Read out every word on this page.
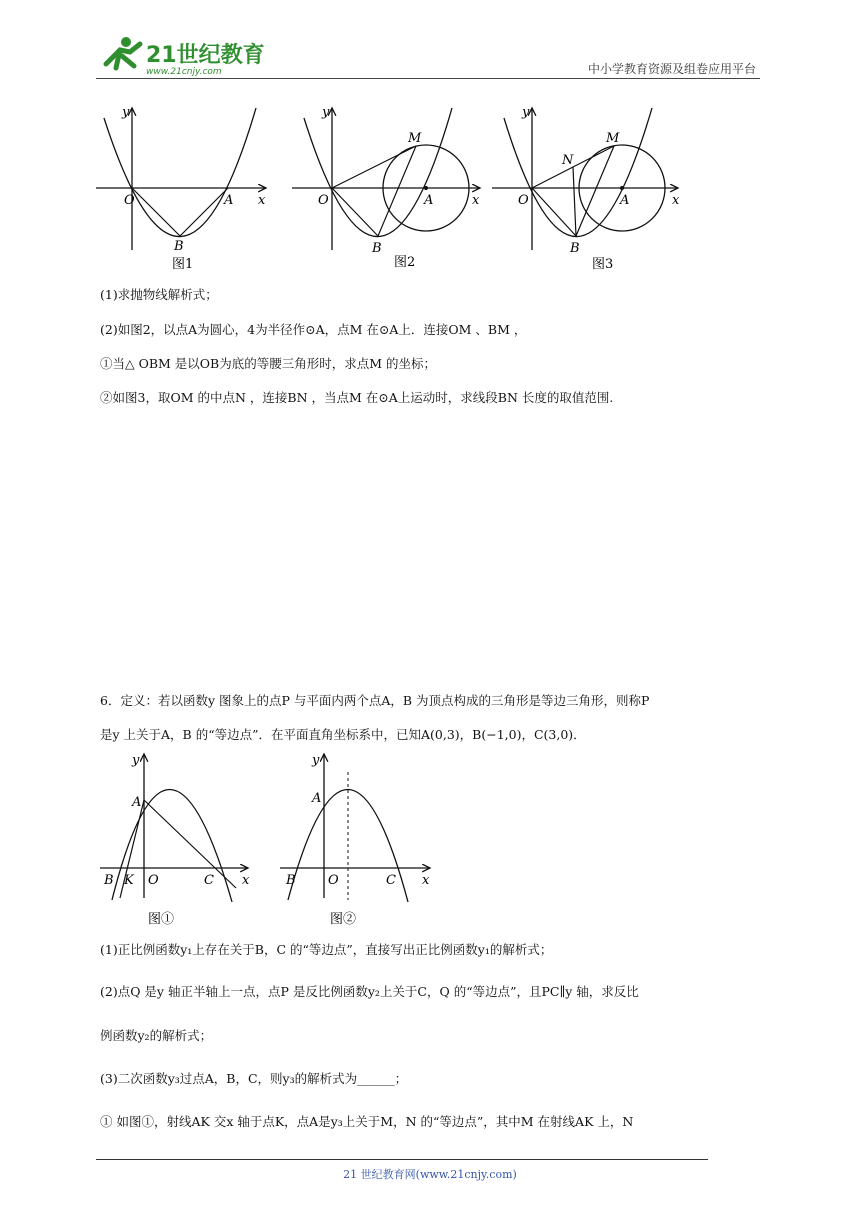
21世纪教育
www.21cnjy.com	中小学教育资源及组卷应用平台
O	A
B
x
y
图1
O	A
B
M
x
y
图2
O	A
B
M
N
x
y
图3
(1)求抛物线解析式；
(2)如图2，以点A为圆心，4为半径作⊙A，点M 在⊙A上．连接OM 、BM ，
①当△ OBM 是以OB为底的等腰三角形时，求点M 的坐标；
②如图3，取OM 的中点N ，连接BN ，当点M 在⊙A上运动时，求线段BN 长度的取值范围.
6．定义：若以函数y 图象上的点P 与平面内两个点A，B 为顶点构成的三角形是等边三角形，则称P
是y 上关于A，B 的“等边点”．在平面直角坐标系中，已知A(0,3)，B(−1,0)，C(3,0)．
A
B K O	C x
y
图①
A
B O	C x
y
图②
(1)正比例函数y₁上存在关于B，C 的“等边点”，直接写出正比例函数y₁的解析式；
(2)点Q 是y 轴正半轴上一点，点P 是反比例函数y₂上关于C，Q 的“等边点”，且PC∥y 轴，求反比
例函数y₂的解析式；
(3)二次函数y₃过点A，B，C，则y₃的解析式为______；
① 如图①，射线AK 交x 轴于点K，点A是y₃上关于M，N 的“等边点”，其中M 在射线AK 上，N
21 世纪教育网(www.21cnjy.com)
